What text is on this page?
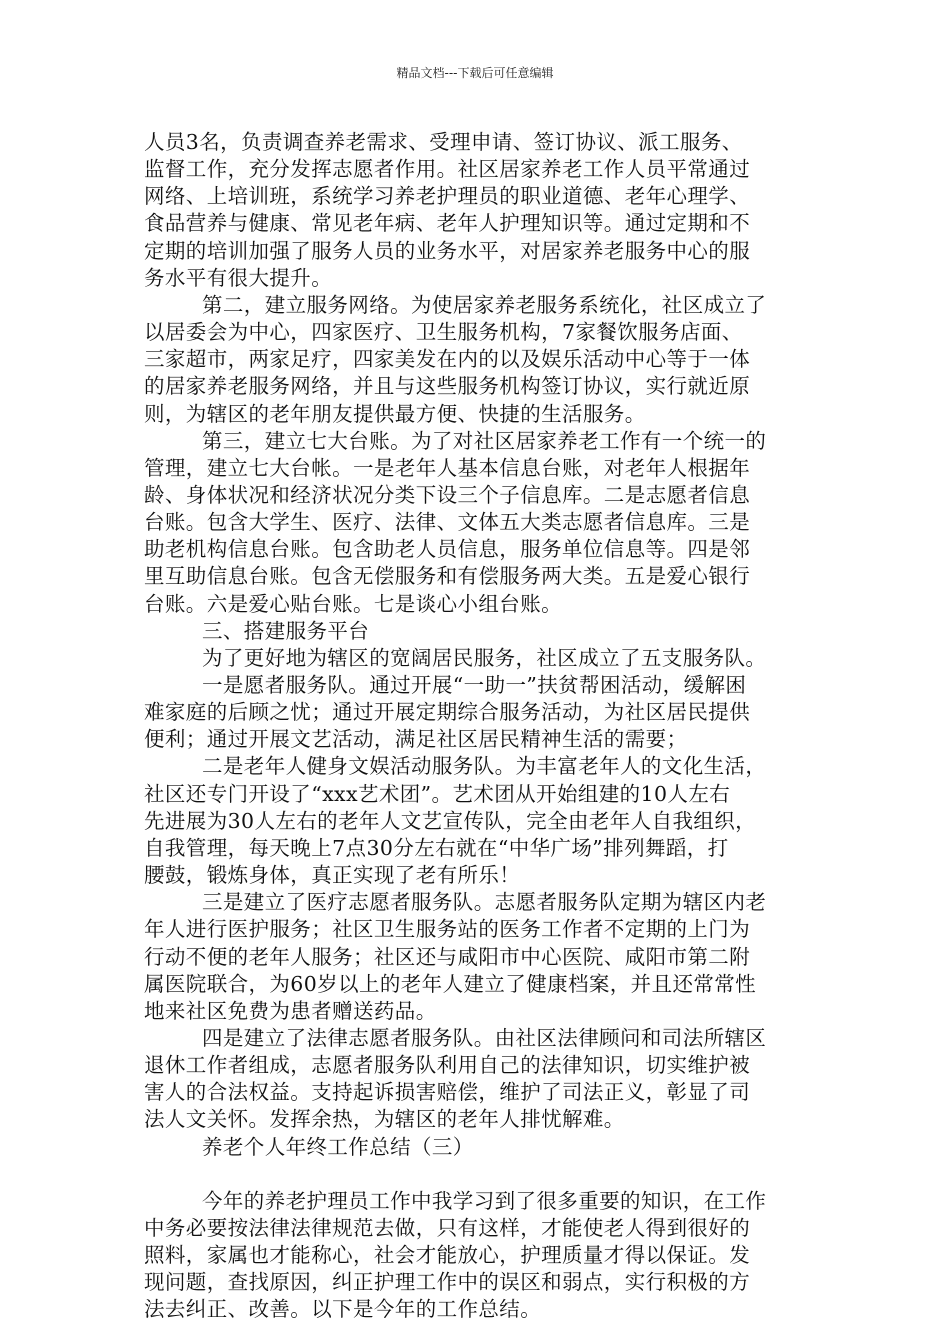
精品文档---下载后可任意编辑
人员3名，负责调查养老需求、受理申请、签订协议、派工服务、
监督工作，充分发挥志愿者作用。社区居家养老工作人员平常通过
网络、上培训班，系统学习养老护理员的职业道德、老年心理学、
食品营养与健康、常见老年病、老年人护理知识等。通过定期和不
定期的培训加强了服务人员的业务水平，对居家养老服务中心的服
务水平有很大提升。
第二，建立服务网络。为使居家养老服务系统化，社区成立了
以居委会为中心，四家医疗、卫生服务机构，7家餐饮服务店面、
三家超市，两家足疗，四家美发在内的以及娱乐活动中心等于一体
的居家养老服务网络，并且与这些服务机构签订协议，实行就近原
则，为辖区的老年朋友提供最方便、快捷的生活服务。
第三，建立七大台账。为了对社区居家养老工作有一个统一的
管理，建立七大台帐。一是老年人基本信息台账，对老年人根据年
龄、身体状况和经济状况分类下设三个子信息库。二是志愿者信息
台账。包含大学生、医疗、法律、文体五大类志愿者信息库。三是
助老机构信息台账。包含助老人员信息，服务单位信息等。四是邻
里互助信息台账。包含无偿服务和有偿服务两大类。五是爱心银行
台账。六是爱心贴台账。七是谈心小组台账。
三、搭建服务平台
为了更好地为辖区的宽阔居民服务，社区成立了五支服务队。
一是愿者服务队。通过开展“一助一”扶贫帮困活动，缓解困
难家庭的后顾之忧；通过开展定期综合服务活动，为社区居民提供
便利；通过开展文艺活动，满足社区居民精神生活的需要；
二是老年人健身文娱活动服务队。为丰富老年人的文化生活，
社区还专门开设了“xxx艺术团”。艺术团从开始组建的10人左右
先进展为30人左右的老年人文艺宣传队，完全由老年人自我组织，
自我管理，每天晚上7点30分左右就在“中华广场”排列舞蹈，打
腰鼓，锻炼身体，真正实现了老有所乐！
三是建立了医疗志愿者服务队。志愿者服务队定期为辖区内老
年人进行医护服务；社区卫生服务站的医务工作者不定期的上门为
行动不便的老年人服务；社区还与咸阳市中心医院、咸阳市第二附
属医院联合，为60岁以上的老年人建立了健康档案，并且还常常性
地来社区免费为患者赠送药品。
四是建立了法律志愿者服务队。由社区法律顾问和司法所辖区
退休工作者组成，志愿者服务队利用自己的法律知识，切实维护被
害人的合法权益。支持起诉损害赔偿，维护了司法正义，彰显了司
法人文关怀。发挥余热，为辖区的老年人排忧解难。
养老个人年终工作总结（三）
今年的养老护理员工作中我学习到了很多重要的知识，在工作
中务必要按法律法律规范去做，只有这样，才能使老人得到很好的
照料，家属也才能称心，社会才能放心，护理质量才得以保证。发
现问题，查找原因，纠正护理工作中的误区和弱点，实行积极的方
法去纠正、改善。以下是今年的工作总结。
